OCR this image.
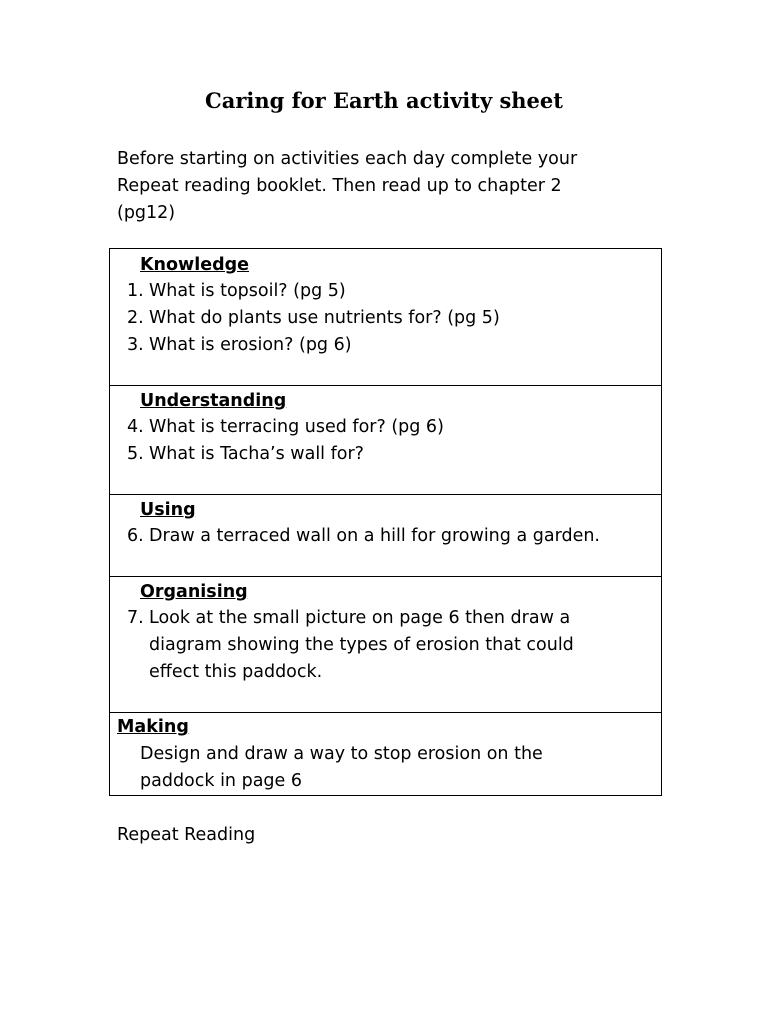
Caring for Earth activity sheet
Before starting on activities each day complete your
Repeat reading booklet. Then read up to chapter 2
(pg12)
Knowledge
1. What is topsoil? (pg 5)
2. What do plants use nutrients for? (pg 5)
3. What is erosion? (pg 6)
Understanding
4. What is terracing used for? (pg 6)
5. What is Tacha’s wall for?
Using
6. Draw a terraced wall on a hill for growing a garden.
Organising
7. Look at the small picture on page 6 then draw a
diagram showing the types of erosion that could
effect this paddock.
Making
Design and draw a way to stop erosion on the
paddock in page 6
Repeat Reading
